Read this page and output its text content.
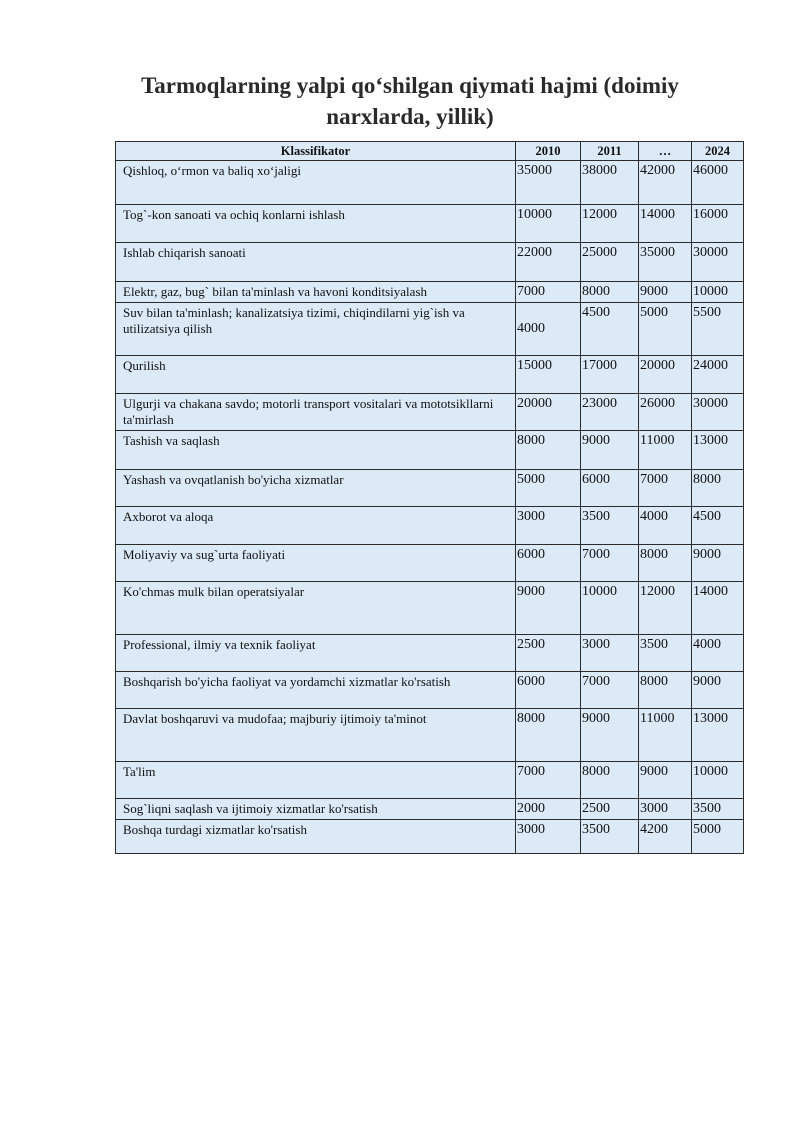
Tarmoqlarning yalpi qo‘shilgan qiymati hajmi (doimiy narxlarda, yillik)
Klassifikator	2010	2011	…	2024
Qishloq, oʻrmon va baliq xoʻjaligi	35000	38000	42000	46000
Tog`-kon sanoati va ochiq konlarni ishlash	10000	12000	14000	16000
Ishlab chiqarish sanoati	22000	25000	35000	30000
Elektr, gaz, bug` bilan ta'minlash va havoni konditsiyalash	7000	8000	9000	10000
Suv bilan ta'minlash; kanalizatsiya tizimi, chiqindilarni yig`ish va utilizatsiya qilish	4000	4500	5000	5500
Qurilish	15000	17000	20000	24000
Ulgurji va chakana savdo; motorli transport vositalari va mototsikllarni ta'mirlash	20000	23000	26000	30000
Tashish va saqlash	8000	9000	11000	13000
Yashash va ovqatlanish bo'yicha xizmatlar	5000	6000	7000	8000
Axborot va aloqa	3000	3500	4000	4500
Moliyaviy va sug`urta faoliyati	6000	7000	8000	9000
Ko'chmas mulk bilan operatsiyalar	9000	10000	12000	14000
Professional, ilmiy va texnik faoliyat	2500	3000	3500	4000
Boshqarish bo'yicha faoliyat va yordamchi xizmatlar ko'rsatish	6000	7000	8000	9000
Davlat boshqaruvi va mudofaa; majburiy ijtimoiy ta'minot	8000	9000	11000	13000
Ta'lim	7000	8000	9000	10000
Sog`liqni saqlash va ijtimoiy xizmatlar ko'rsatish	2000	2500	3000	3500
Boshqa turdagi xizmatlar ko'rsatish	3000	3500	4200	5000
